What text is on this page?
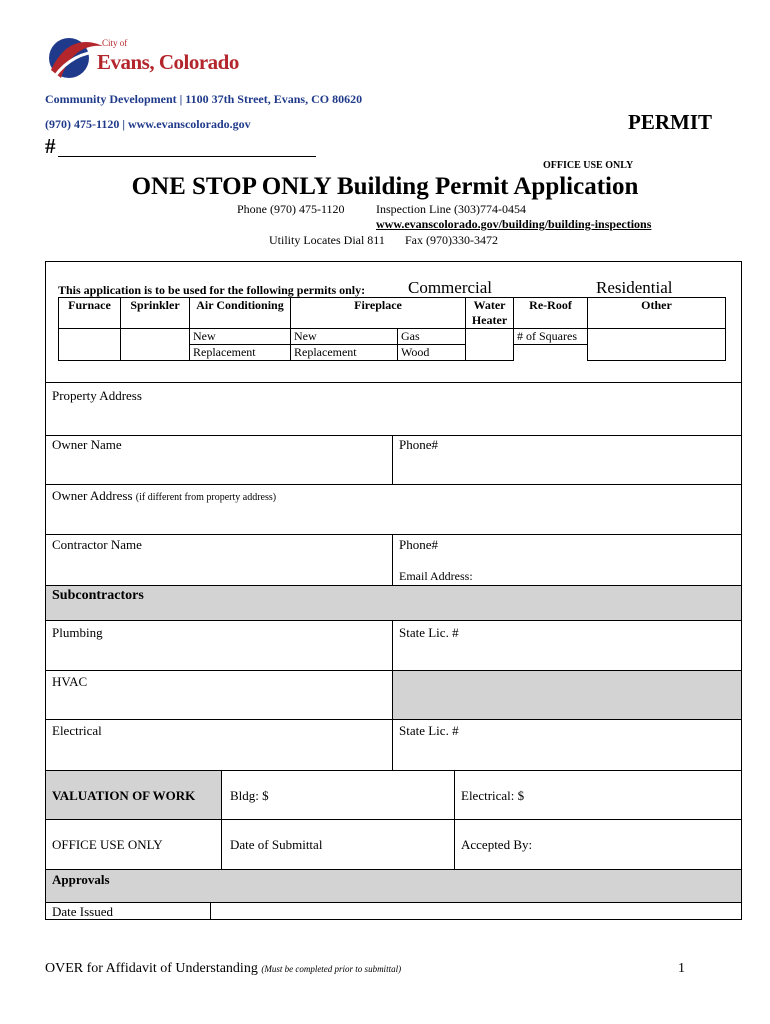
City of
Evans, Colorado
Community Development | 1100 37th Street, Evans, CO 80620
(970) 475-1120 | www.evanscolorado.gov	PERMIT
#
OFFICE USE ONLY
ONE STOP ONLY Building Permit Application
Phone (970) 475-1120	Inspection Line (303)774-0454
www.evanscolorado.gov/building/building-inspections
Utility Locates Dial 811 Fax (970)330-3472
This application is to be used for the following permits only:	Commercial	Residential
Furnace	Sprinkler	Air Conditioning	Fireplace		Water Heater	Re-Roof	Other
		New	New	Gas		# of Squares	
		Replacement	Replacement	Wood			
Property Address
Owner Name	Phone#
Owner Address (if different from property address)
Contractor Name	Phone#
Email Address:
Subcontractors
Plumbing	State Lic. #
HVAC
Electrical	State Lic. #
VALUATION OF WORK	Bldg: $	Electrical: $
OFFICE USE ONLY	Date of Submittal	Accepted By:
Approvals
Date Issued
OVER for Affidavit of Understanding (Must be completed prior to submittal)	1
